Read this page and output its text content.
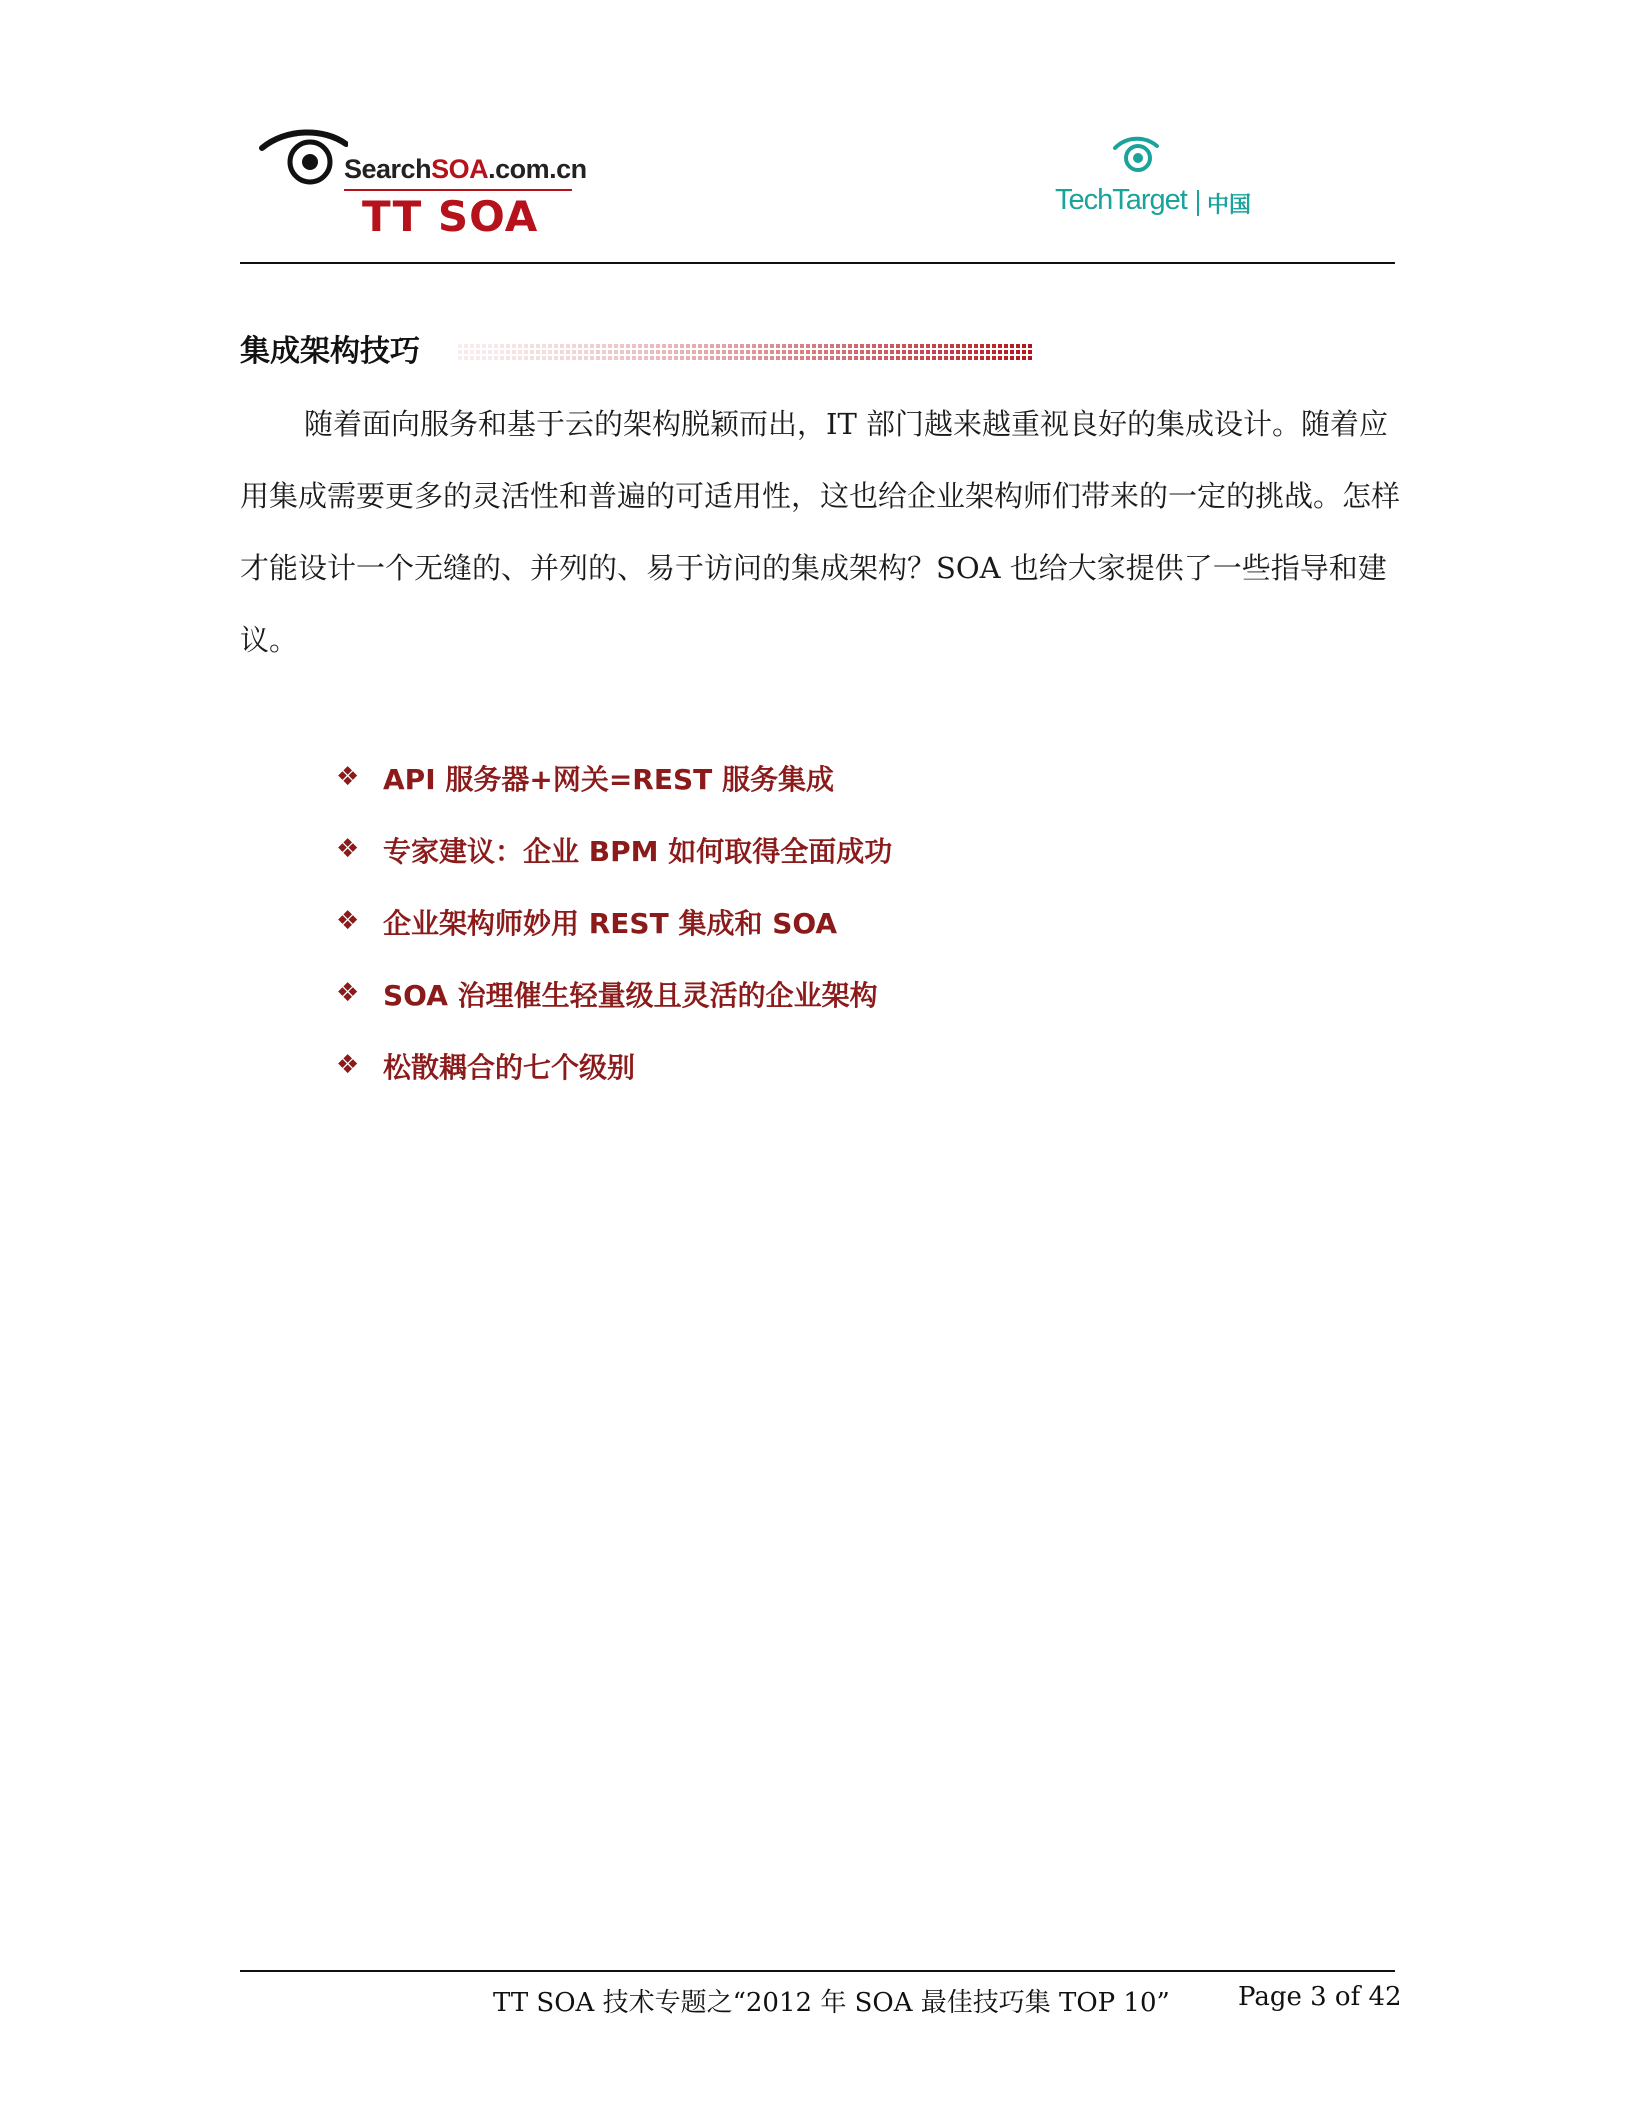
SearchSOA.com.cn
TT SOA	TechTarget 中国
集成架构技巧

随着面向服务和基于云的架构脱颖而出，IT 部门越来越重视良好的集成设计。随着应用集成需要更多的灵活性和普遍的可适用性，这也给企业架构师们带来的一定的挑战。怎样才能设计一个无缝的、并列的、易于访问的集成架构？SOA 也给大家提供了一些指导和建议。

❖ API 服务器+网关=REST 服务集成
❖ 专家建议：企业 BPM 如何取得全面成功
❖ 企业架构师妙用 REST 集成和 SOA
❖ SOA 治理催生轻量级且灵活的企业架构
❖ 松散耦合的七个级别
TT SOA 技术专题之“2012 年 SOA 最佳技巧集 TOP 10”	Page 3 of 42
